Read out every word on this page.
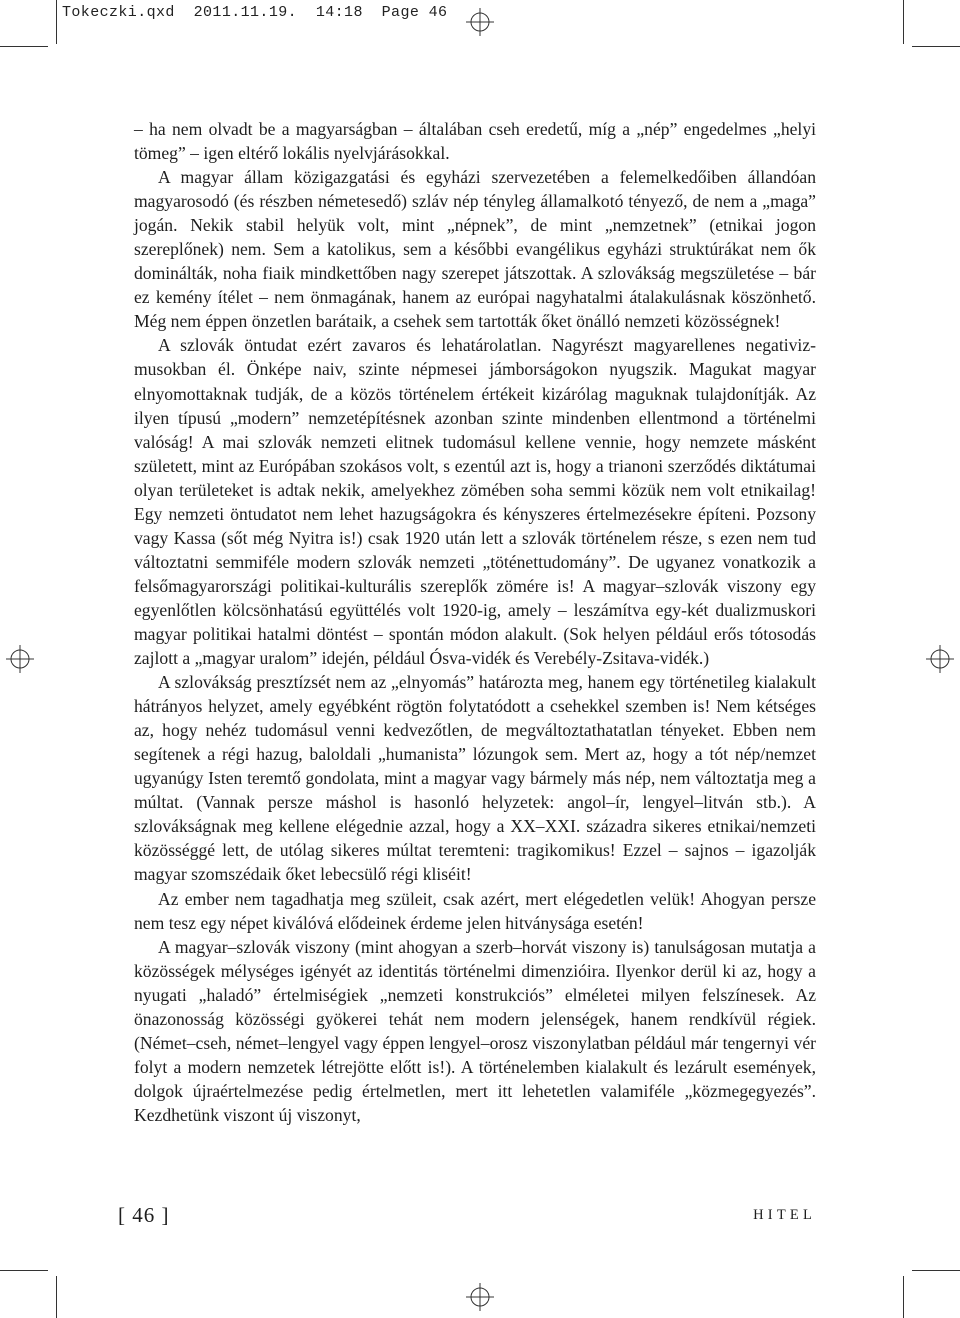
Tokeczki.qxd  2011.11.19.  14:18  Page 46

– ha nem olvadt be a magyarságban – általában cseh eredetű, míg a „nép” engedelmes „helyi tömeg” – igen eltérő lokális nyelvjárásokkal.

A magyar állam közigazgatási és egyházi szervezetében a felemelkedőiben állandóan magyarosodó (és részben németesedő) szláv nép tényleg államalkotó tényező, de nem a „maga” jogán. Nekik stabil helyük volt, mint „népnek”, de mint „nemzetnek” (etnikai jogon szereplőnek) nem. Sem a katolikus, sem a későbbi evangélikus egyházi struktúrákat nem ők dominálták, noha fiaik mindkettőben nagy szerepet játszottak. A szlovákság megszületése – bár ez kemény ítélet – nem önmagának, hanem az európai nagyhatalmi átalakulásnak köszönhető. Még nem éppen önzetlen barátaik, a csehek sem tartották őket önálló nemzeti közösségnek!

A szlovák öntudat ezért zavaros és lehatárolatlan. Nagyrészt magyarellenes negativizmusokban él. Önképe naiv, szinte népmesei jámborságokon nyugszik. Magukat magyar elnyomottaknak tudják, de a közös történelem értékeit kizárólag maguknak tulajdonítják. Az ilyen típusú „modern” nemzetépítésnek azonban szinte mindenben ellentmond a történelmi valóság! A mai szlovák nemzeti elitnek tudomásul kellene vennie, hogy nemzete másként született, mint az Európában szokásos volt, s ezentúl azt is, hogy a trianoni szerződés diktátumai olyan területeket is adtak nekik, amelyekhez zömében soha semmi közük nem volt etnikailag! Egy nemzeti öntudatot nem lehet hazugságokra és kényszeres értelmezésekre építeni. Pozsony vagy Kassa (sőt még Nyitra is!) csak 1920 után lett a szlovák történelem része, s ezen nem tud változtatni semmiféle modern szlovák nemzeti „töténettudomány”. De ugyanez vonatkozik a felsőmagyarországi politikai-kulturális szereplők zömére is! A magyar–szlovák viszony egy egyenlőtlen kölcsönhatású együttélés volt 1920-ig, amely – leszámítva egy-két dualizmuskori magyar politikai hatalmi döntést – spontán módon alakult. (Sok helyen például erős tótosodás zajlott a „magyar uralom” idején, például Ósva-vidék és Verebély-Zsitava-vidék.)

A szlovákság presztízsét nem az „elnyomás” határozta meg, hanem egy történetileg kialakult hátrányos helyzet, amely egyébként rögtön folytatódott a csehekkel szemben is! Nem kétséges az, hogy nehéz tudomásul venni kedvezőtlen, de megváltoztathatatlan tényeket. Ebben nem segítenek a régi hazug, baloldali „humanista” lózungok sem. Mert az, hogy a tót nép/nemzet ugyanúgy Isten teremtő gondolata, mint a magyar vagy bármely más nép, nem változtatja meg a múltat. (Vannak persze máshol is hasonló helyzetek: angol–ír, lengyel–litván stb.). A szlovákságnak meg kellene elégednie azzal, hogy a XX–XXI. századra sikeres etnikai/nemzeti közösséggé lett, de utólag sikeres múltat teremteni: tragikomikus! Ezzel – sajnos – igazolják magyar szomszédaik őket lebecsülő régi kliséit!

Az ember nem tagadhatja meg szüleit, csak azért, mert elégedetlen velük! Ahogyan persze nem tesz egy népet kiválóvá elődeinek érdeme jelen hitványsága esetén!

A magyar–szlovák viszony (mint ahogyan a szerb–horvát viszony is) tanulságosan mutatja a közösségek mélységes igényét az identitás történelmi dimenzióira. Ilyenkor derül ki az, hogy a nyugati „haladó” értelmiségiek „nemzeti konstrukciós” elméletei milyen felszínesek. Az önazonosság közösségi gyökerei tehát nem modern jelenségek, hanem rendkívül régiek. (Német–cseh, német–lengyel vagy éppen lengyel–orosz viszonylatban például már tengernyi vér folyt a modern nemzetek létrejötte előtt is!). A történelemben kialakult és lezárult események, dolgok újraértelmezése pedig értelmetlen, mert itt lehetetlen valamiféle „közmegegyezés”. Kezdhetünk viszont új viszonyt,

[ 46 ]	HITEL
